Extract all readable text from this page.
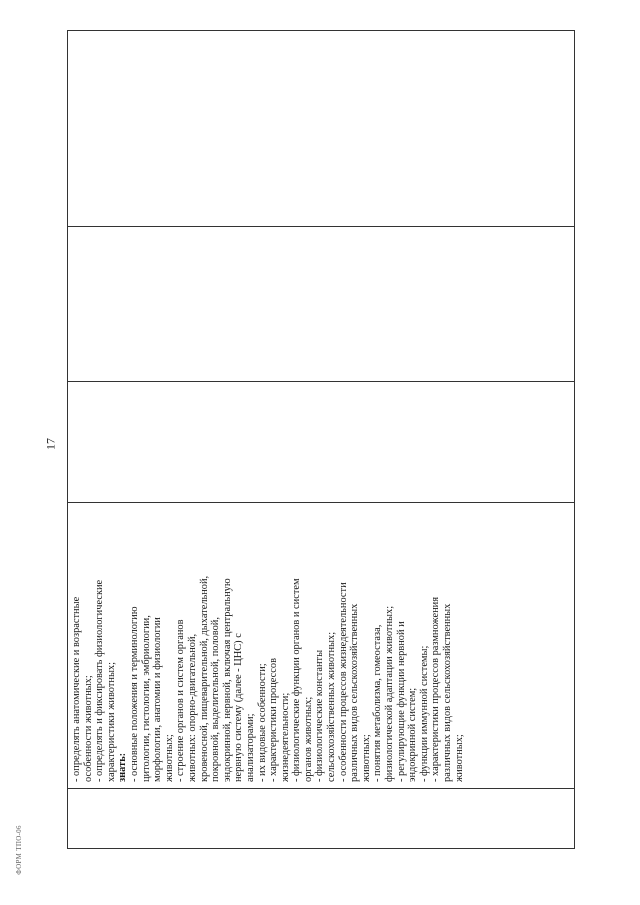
- определять анатомические и возрастные особенности животных; - определять и фиксировать физиологические характеристики животных; знать: - основные положения и терминологию цитологии, гистологии, эмбриологии, морфологии, анатомии и физиологии животных; - строение органов и систем органов животных: опорно-двигательной, кровеносной, пищеварительной, дыхательной, покровной, выделительной, половой, эндокринной, нервной, включая центральную нервную систему (далее - ЦНС) с анализаторами; - их видовые особенности; - характеристики процессов жизнедеятельности; - физиологические функции органов и систем органов животных; - физиологические константы сельскохозяйственных животных; - особенности процессов жизнедеятельности различных видов сельскохозяйственных животных; - понятия метаболизма, гомеостаза, физиологической адаптации животных; - регулирующие функции нервной и эндокринной систем; - функции иммунной системы; - характеристики процессов размножения различных видов сельскохозяйственных животных;

17
ФОРМ ТПО-06
